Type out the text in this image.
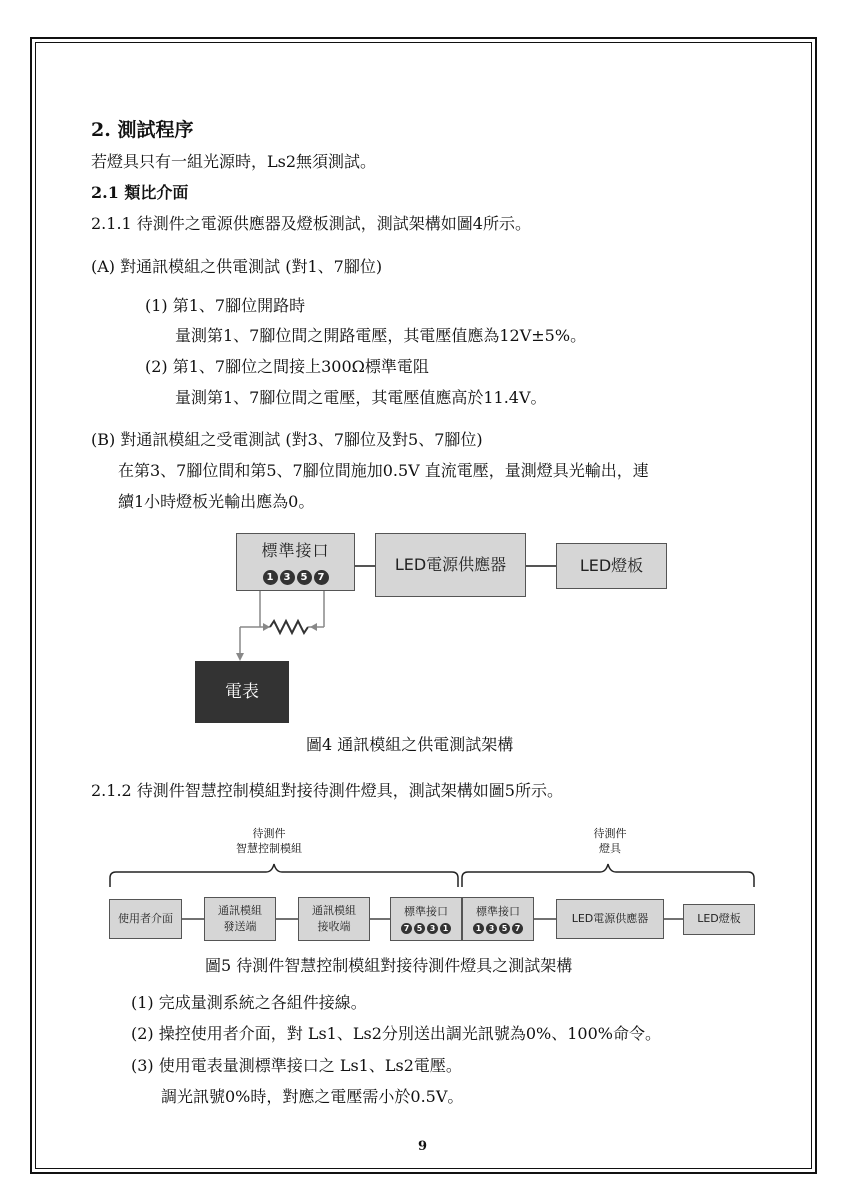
2. 測試程序
若燈具只有一組光源時，Ls2無須測試。
2.1 類比介面
2.1.1 待測件之電源供應器及燈板測試，測試架構如圖4所示。
(A) 對通訊模組之供電測試 (對1、7腳位)
(1) 第1、7腳位開路時
量測第1、7腳位間之開路電壓，其電壓值應為12V±5%。
(2) 第1、7腳位之間接上300Ω標準電阻
量測第1、7腳位間之電壓，其電壓值應高於11.4V。
(B) 對通訊模組之受電測試 (對3、7腳位及對5、7腳位)
在第3、7腳位間和第5、7腳位間施加0.5V 直流電壓，量測燈具光輸出，連
續1小時燈板光輸出應為0。
標準接口
1 3 5 7
LED電源供應器	LED燈板
電表
圖4 通訊模組之供電測試架構
2.1.2 待測件智慧控制模組對接待測件燈具，測試架構如圖5所示。
待測件
智慧控制模組
待測件
燈具
使用者介面
通訊模組
發送端
通訊模組
接收端
標準接口
7 5 3 1
標準接口
1 3 5 7
LED電源供應器	LED燈板
圖5 待測件智慧控制模組對接待測件燈具之測試架構
(1) 完成量測系統之各組件接線。
(2) 操控使用者介面，對 Ls1、Ls2分別送出調光訊號為0%、100%命令。
(3) 使用電表量測標準接口之 Ls1、Ls2電壓。
調光訊號0%時，對應之電壓需小於0.5V。
9
